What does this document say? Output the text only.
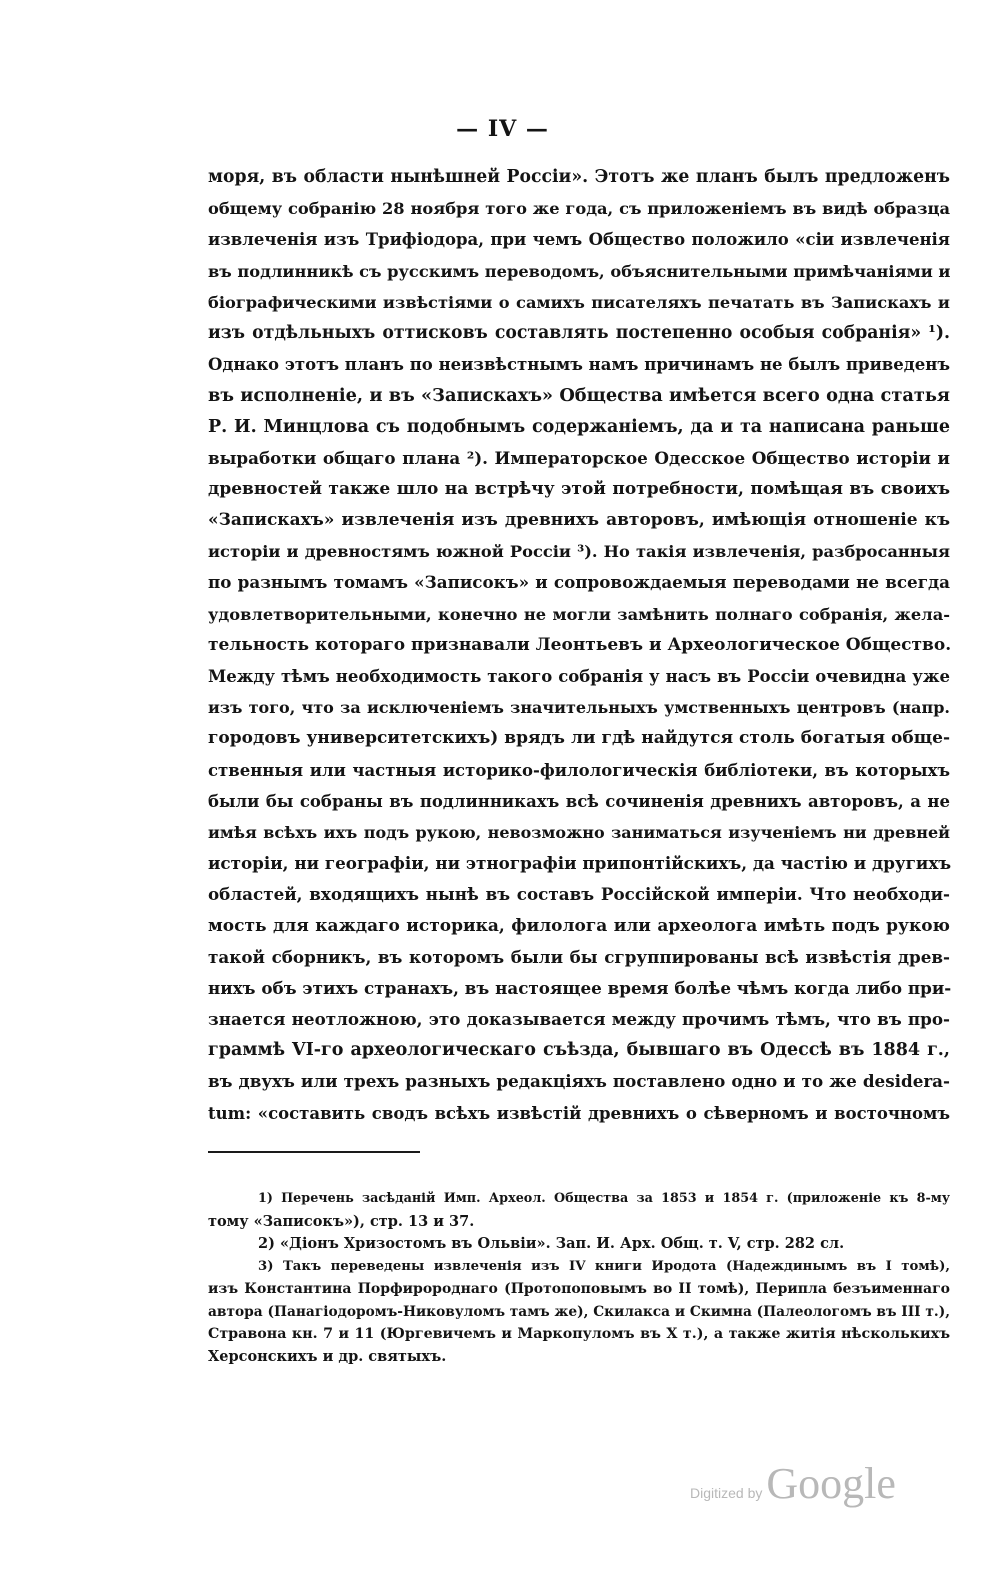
— IV —
моря, въ области нынѣшней Россіи». Этотъ же планъ былъ предложенъ
общему собранію 28 ноября того же года, съ приложеніемъ въ видѣ образца
извлеченія изъ Трифіодора, при чемъ Общество положило «сіи извлеченія
въ подлинникѣ съ русскимъ переводомъ, объяснительными примѣчаніями и
біографическими извѣстіями о самихъ писателяхъ печатать въ Запискахъ и
изъ отдѣльныхъ оттисковъ составлять постепенно особыя собранія» ¹).
Однако этотъ планъ по неизвѣстнымъ намъ причинамъ не былъ приведенъ
въ исполненіе, и въ «Запискахъ» Общества имѣется всего одна статья
Р. И. Минцлова съ подобнымъ содержаніемъ, да и та написана раньше
выработки общаго плана ²). Императорское Одесское Общество исторіи и
древностей также шло на встрѣчу этой потребности, помѣщая въ своихъ
«Запискахъ» извлеченія изъ древнихъ авторовъ, имѣющія отношеніе къ
исторіи и древностямъ южной Россіи ³). Но такія извлеченія, разбросанныя
по разнымъ томамъ «Записокъ» и сопровождаемыя переводами не всегда
удовлетворительными, конечно не могли замѣнить полнаго собранія, жела-
тельность котораго признавали Леонтьевъ и Археологическое Общество.
Между тѣмъ необходимость такого собранія у насъ въ Россіи очевидна уже
изъ того, что за исключеніемъ значительныхъ умственныхъ центровъ (напр.
городовъ университетскихъ) врядъ ли гдѣ найдутся столь богатыя обще-
ственныя или частныя историко-филологическія библіотеки, въ которыхъ
были бы собраны въ подлинникахъ всѣ сочиненія древнихъ авторовъ, а не
имѣя всѣхъ ихъ подъ рукою, невозможно заниматься изученіемъ ни древней
исторіи, ни географіи, ни этнографіи припонтійскихъ, да частію и другихъ
областей, входящихъ нынѣ въ составъ Россійской имперіи. Что необходи-
мость для каждаго историка, филолога или археолога имѣть подъ рукою
такой сборникъ, въ которомъ были бы сгруппированы всѣ извѣстія древ-
нихъ объ этихъ странахъ, въ настоящее время болѣе чѣмъ когда либо при-
знается неотложною, это доказывается между прочимъ тѣмъ, что въ про-
граммѣ VI-го археологическаго съѣзда, бывшаго въ Одессѣ въ 1884 г.,
въ двухъ или трехъ разныхъ редакціяхъ поставлено одно и то же desidera-
tum: «составить сводъ всѣхъ извѣстій древнихъ о сѣверномъ и восточномъ
1) Перечень засѣданій Имп. Археол. Общества за 1853 и 1854 г. (приложеніе къ 8-му
тому «Записокъ»), стр. 13 и 37.
2) «Діонъ Хризостомъ въ Ольвіи». Зап. И. Арх. Общ. т. V, стр. 282 сл.
3) Такъ переведены извлеченія изъ IV книги Иродота (Надеждинымъ въ I томѣ),
изъ Константина Порфиророднаго (Протопоповымъ во II томѣ), Перипла безъименнаго
автора (Панагіодоромъ-Никовуломъ тамъ же), Скилакса и Скимна (Палеологомъ въ III т.),
Стравона кн. 7 и 11 (Юргевичемъ и Маркопуломъ въ X т.), а также житія нѣсколькихъ
Херсонскихъ и др. святыхъ.
Digitized by Google
